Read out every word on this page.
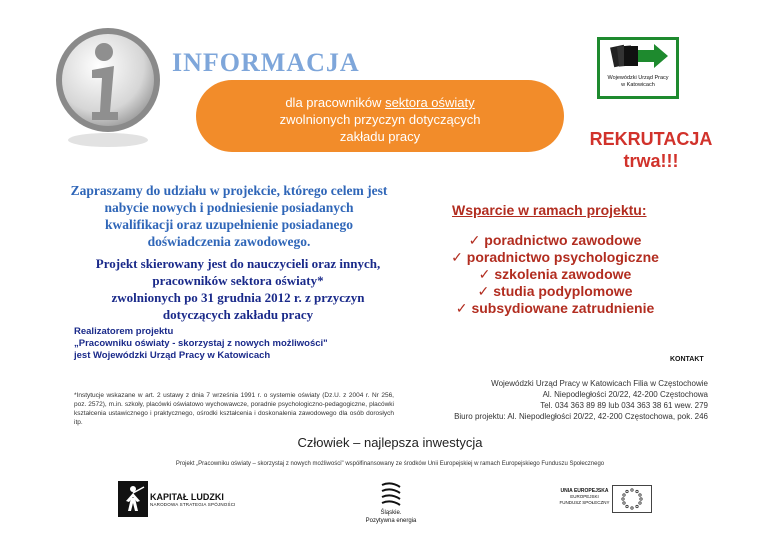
INFORMACJA
dla pracowników sektora oświaty
zwolnionych przyczyn dotyczących
zakładu pracy
Wojewódzki Urząd Pracy
w Katowicach
REKRUTACJA
trwa!!!
Zapraszamy do udziału w projekcie, którego celem jest
nabycie nowych i podniesienie posiadanych
kwalifikacji oraz uzupełnienie posiadanego
doświadczenia zawodowego.
Projekt skierowany jest do nauczycieli oraz innych,
pracowników sektora oświaty*
zwolnionych po 31 grudnia 2012 r. z przyczyn
dotyczących zakładu pracy
Realizatorem projektu
„Pracowniku oświaty - skorzystaj z nowych możliwości"
jest Wojewódzki Urząd Pracy w Katowicach
Wsparcie w ramach projektu:
✓ poradnictwo zawodowe
✓ poradnictwo psychologiczne
✓ szkolenia zawodowe
✓ studia podyplomowe
✓ subsydiowane zatrudnienie
*Instytucje wskazane w art. 2 ustawy z dnia 7 września 1991 r. o systemie oświaty (Dz.U. z 2004 r. Nr 256, poz. 2572), m.in. szkoły, placówki oświatowo wychowawcze, poradnie psychologiczno-pedagogiczne, placówki kształcenia ustawicznego i praktycznego, ośrodki kształcenia i doskonalenia zawodowego dla osób dorosłych itp.
KONTAKT
Wojewódzki Urząd Pracy w Katowicach Filia w Częstochowie
Al. Niepodległości 20/22, 42-200 Częstochowa
Tel. 034 363 89 89 lub 034 363 38 61 wew. 279
Biuro projektu: Al. Niepodległości 20/22, 42-200 Częstochowa, pok. 246
Człowiek – najlepsza inwestycja
Projekt „Pracowniku oświaty – skorzystaj z nowych możliwości" współfinansowany ze środków Unii Europejskiej w ramach Europejskiego Funduszu Społecznego
KAPITAŁ LUDZKI
NARODOWA STRATEGIA SPÓJNOŚCI
Śląskie.
Pozytywna energia
UNIA EUROPEJSKA
EUROPEJSKI
FUNDUSZ SPOŁECZNY
